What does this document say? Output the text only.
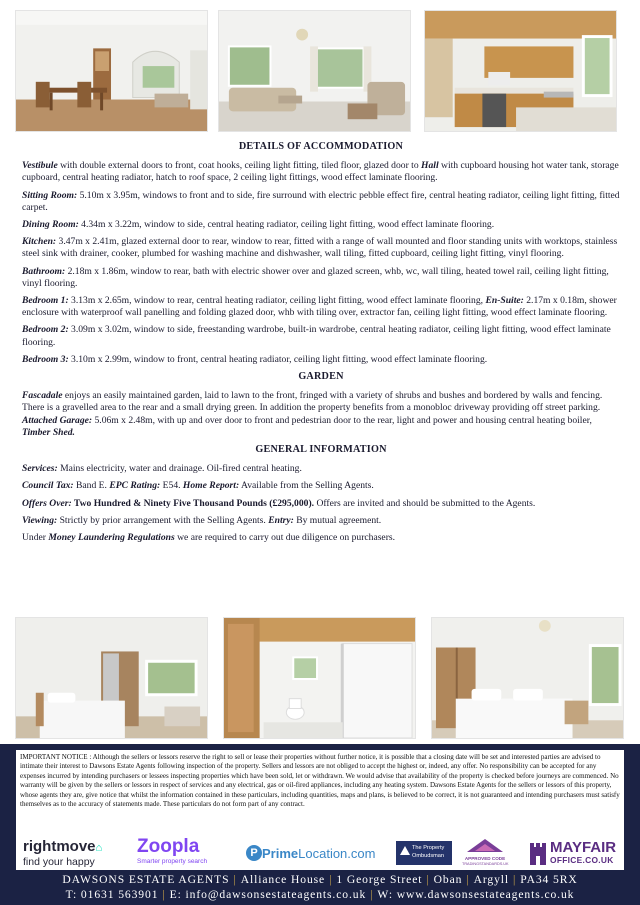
DETAILS OF ACCOMMODATION

Vestibule with double external doors to front, coat hooks, ceiling light fitting, tiled floor, glazed door to Hall with cupboard housing hot water tank, storage cupboard, central heating radiator, hatch to roof space, 2 ceiling light fittings, wood effect laminate flooring.

Sitting Room: 5.10m x 3.95m, windows to front and to side, fire surround with electric pebble effect fire, central heating radiator, ceiling light fitting, fitted carpet.

Dining Room: 4.34m x 3.22m, window to side, central heating radiator, ceiling light fitting, wood effect laminate flooring.

Kitchen: 3.47m x 2.41m, glazed external door to rear, window to rear, fitted with a range of wall mounted and floor standing units with worktops, stainless steel sink with drainer, cooker, plumbed for washing machine and dishwasher, wall tiling, fitted cupboard, ceiling light fitting, vinyl flooring.

Bathroom: 2.18m x 1.86m, window to rear, bath with electric shower over and glazed screen, whb, wc, wall tiling, heated towel rail, ceiling light fitting, vinyl flooring.

Bedroom 1: 3.13m x 2.65m, window to rear, central heating radiator, ceiling light fitting, wood effect laminate flooring, En-Suite: 2.17m x 0.18m, shower enclosure with waterproof wall panelling and folding glazed door, whb with tiling over, extractor fan, ceiling light fitting, wood effect laminate flooring.

Bedroom 2: 3.09m x 3.02m, window to side, freestanding wardrobe, built-in wardrobe, central heating radiator, ceiling light fitting, wood effect laminate flooring.

Bedroom 3: 3.10m x 2.99m, window to front, central heating radiator, ceiling light fitting, wood effect laminate flooring.

GARDEN

Fascadale enjoys an easily maintained garden, laid to lawn to the front, fringed with a variety of shrubs and bushes and bordered by walls and fencing. There is a gravelled area to the rear and a small drying green. In addition the property benefits from a monobloc driveway providing off street parking. Attached Garage: 5.06m x 2.48m, with up and over door to front and pedestrian door to the rear, light and power and housing central heating boiler, Timber Shed.

GENERAL INFORMATION

Services: Mains electricity, water and drainage. Oil-fired central heating.

Council Tax: Band E. EPC Rating: E54. Home Report: Available from the Selling Agents.

Offers Over: Two Hundred & Ninety Five Thousand Pounds (£295,000). Offers are invited and should be submitted to the Agents.

Viewing: Strictly by prior arrangement with the Selling Agents. Entry: By mutual agreement.

Under Money Laundering Regulations we are required to carry out due diligence on purchasers.

IMPORTANT NOTICE : Although the sellers or lessors reserve the right to sell or lease their properties without further notice, it is possible that a closing date will be set and interested parties are advised to intimate their interest to Dawsons Estate Agents following inspection of the property. Sellers and lessors are not obliged to accept the highest or, indeed, any offer. No responsibility can be accepted for any expenses incurred by intending purchasers or lessees inspecting properties which have been sold, let or withdrawn. We would advise that availability of the property is checked before journeys are commenced. No warranty will be given by the sellers or lessors in respect of services and any electrical, gas or oil-fired appliances, including any heating system. Dawsons Estate Agents for the sellers or lessors of this property, whose agents they are, give notice that whilst the information contained in these particulars, including quantities, maps and plans, is believed to be correct, it is not guaranteed and intending purchasers must satisfy themselves as to the accuracy of statements made. These particulars do not form part of any contract.
rightmove⌂
find your happy
Zoopla
Smarter property search
P PrimeLocation.com	The Property
Ombudsman	APPROVED CODE
TRADINGSTANDARDS.UK
MAYFAIR
OFFICE.CO.UK
DAWSONS ESTATE AGENTS | Alliance House | 1 George Street | Oban | Argyll | PA34 5RX
T: 01631 563901 | E: info@dawsonsestateagents.co.uk | W: www.dawsonsestateagents.co.uk
